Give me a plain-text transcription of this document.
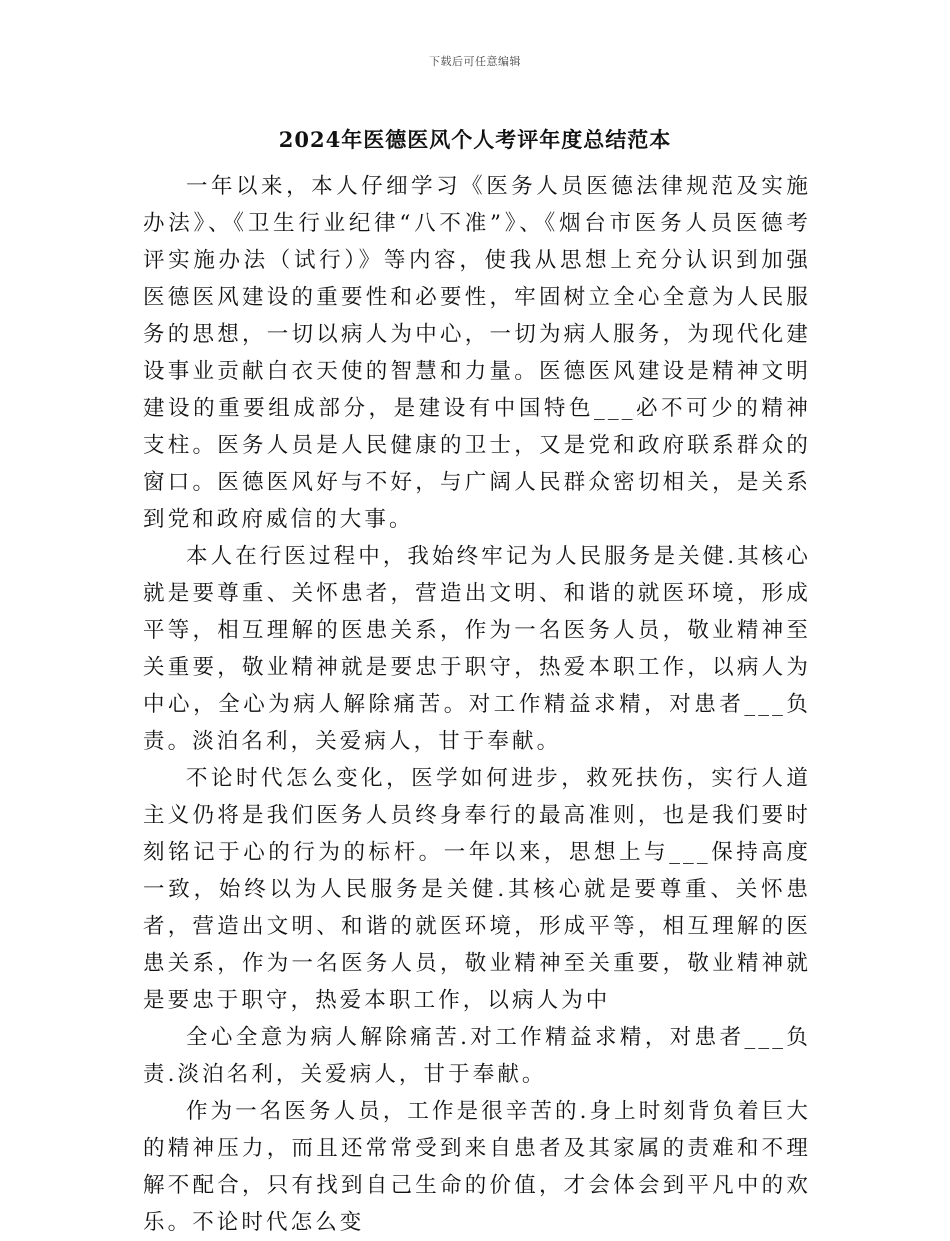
下载后可任意编辑
2024年医德医风个人考评年度总结范本

一年以来，本人仔细学习《医务人员医德法律规范及实施办法》、《卫生行业纪律“八不准”》、《烟台市医务人员医德考评实施办法（试行）》等内容，使我从思想上充分认识到加强医德医风建设的重要性和必要性，牢固树立全心全意为人民服务的思想，一切以病人为中心，一切为病人服务，为现代化建设事业贡献白衣天使的智慧和力量。医德医风建设是精神文明建设的重要组成部分，是建设有中国特色___必不可少的精神支柱。医务人员是人民健康的卫士，又是党和政府联系群众的窗口。医德医风好与不好，与广阔人民群众密切相关，是关系到党和政府威信的大事。

本人在行医过程中，我始终牢记为人民服务是关健.其核心就是要尊重、关怀患者，营造出文明、和谐的就医环境，形成平等，相互理解的医患关系，作为一名医务人员，敬业精神至关重要，敬业精神就是要忠于职守，热爱本职工作，以病人为中心，全心为病人解除痛苦。对工作精益求精，对患者___负责。淡泊名利，关爱病人，甘于奉献。

不论时代怎么变化，医学如何进步，救死扶伤，实行人道主义仍将是我们医务人员终身奉行的最高准则，也是我们要时刻铭记于心的行为的标杆。一年以来，思想上与___保持高度一致，始终以为人民服务是关健.其核心就是要尊重、关怀患者，营造出文明、和谐的就医环境，形成平等，相互理解的医患关系，作为一名医务人员，敬业精神至关重要，敬业精神就是要忠于职守，热爱本职工作，以病人为中

全心全意为病人解除痛苦.对工作精益求精，对患者___负责.淡泊名利，关爱病人，甘于奉献。

作为一名医务人员，工作是很辛苦的.身上时刻背负着巨大的精神压力，而且还常常受到来自患者及其家属的责难和不理解不配合，只有找到自己生命的价值，才会体会到平凡中的欢乐。不论时代怎么变
